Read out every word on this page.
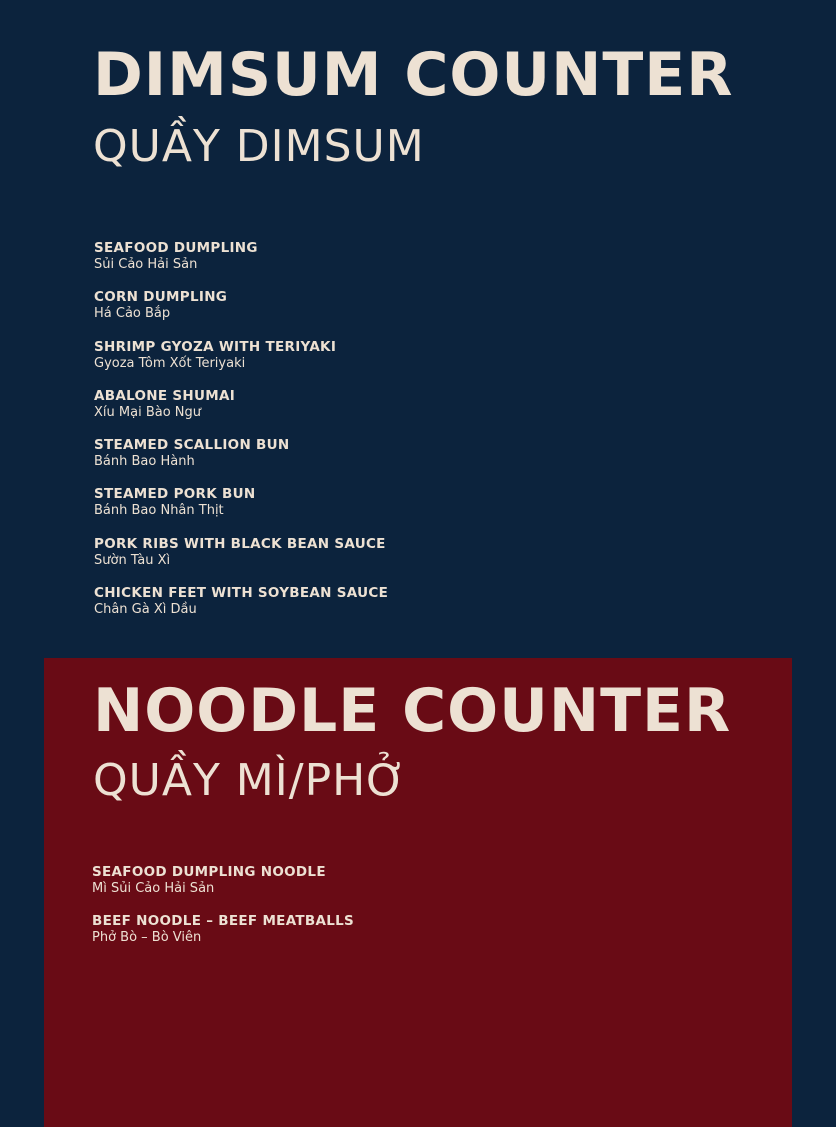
DIMSUM COUNTER
QUẦY DIMSUM
SEAFOOD DUMPLING
Sủi Cảo Hải Sản
CORN DUMPLING
Há Cảo Bắp
SHRIMP GYOZA WITH TERIYAKI
Gyoza Tôm Xốt Teriyaki
ABALONE SHUMAI
Xíu Mại Bào Ngư
STEAMED SCALLION BUN
Bánh Bao Hành
STEAMED PORK BUN
Bánh Bao Nhân Thịt
PORK RIBS WITH BLACK BEAN SAUCE
Sườn Tàu Xì
CHICKEN FEET WITH SOYBEAN SAUCE
Chân Gà Xì Dầu
NOODLE COUNTER
QUẦY MÌ/PHỞ
SEAFOOD DUMPLING NOODLE
Mì Sủi Cảo Hải Sản
BEEF NOODLE – BEEF MEATBALLS
Phở Bò – Bò Viên
